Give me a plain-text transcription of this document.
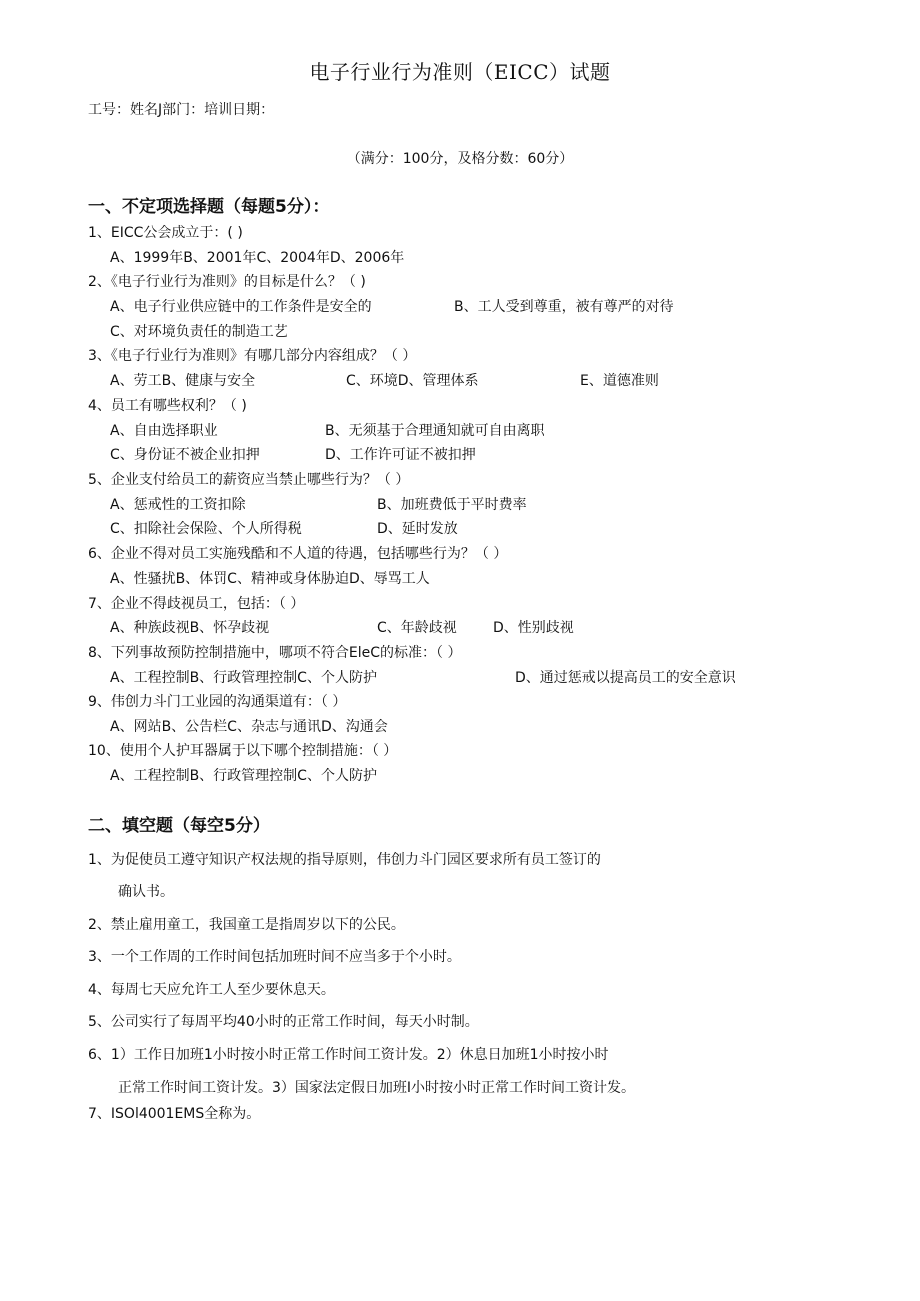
电子行业行为准则（EICC）试题
工号：姓名J部门：培训日期：
（满分：100分，及格分数：60分）
一、不定项选择题（每题5分）：
1、EICC公会成立于：( )
A、1999年B、2001年C、2004年D、2006年
2、《电子行业行为准则》的目标是什么？（ )
A、电子行业供应链中的工作条件是安全的	B、工人受到尊重，被有尊严的对待
C、对环境负责任的制造工艺
3、《电子行业行为准则》有哪几部分内容组成？（ ）
A、劳工B、健康与安全	C、环境D、管理体系	E、道德准则
4、员工有哪些权利？（ )
A、自由选择职业	B、无须基于合理通知就可自由离职
C、身份证不被企业扣押	D、工作许可证不被扣押
5、企业支付给员工的薪资应当禁止哪些行为？（ ）
A、惩戒性的工资扣除	B、加班费低于平时费率
C、扣除社会保险、个人所得税	D、延时发放
6、企业不得对员工实施残酷和不人道的待遇，包括哪些行为？（ ）
A、性骚扰B、体罚C、精神或身体胁迫D、辱骂工人
7、企业不得歧视员工，包括：（ ）
A、种族歧视B、怀孕歧视	C、年龄歧视	D、性别歧视
8、下列事故预防控制措施中，哪项不符合EleC的标准：（ ）
A、工程控制B、行政管理控制C、个人防护	D、通过惩戒以提高员工的安全意识
9、伟创力斗门工业园的沟通渠道有：（ ）
A、网站B、公告栏C、杂志与通讯D、沟通会
10、使用个人护耳器属于以下哪个控制措施：（ ）
A、工程控制B、行政管理控制C、个人防护
二、填空题（每空5分）
1、为促使员工遵守知识产权法规的指导原则，伟创力斗门园区要求所有员工签订的
确认书。
2、禁止雇用童工，我国童工是指周岁以下的公民。
3、一个工作周的工作时间包括加班时间不应当多于个小时。
4、每周七天应允许工人至少要休息天。
5、公司实行了每周平均40小时的正常工作时间，每天小时制。
6、1）工作日加班1小时按小时正常工作时间工资计发。2）休息日加班1小时按小时
正常工作时间工资计发。3）国家法定假日加班I小时按小时正常工作时间工资计发。
7、ISOl4001EMS全称为。
